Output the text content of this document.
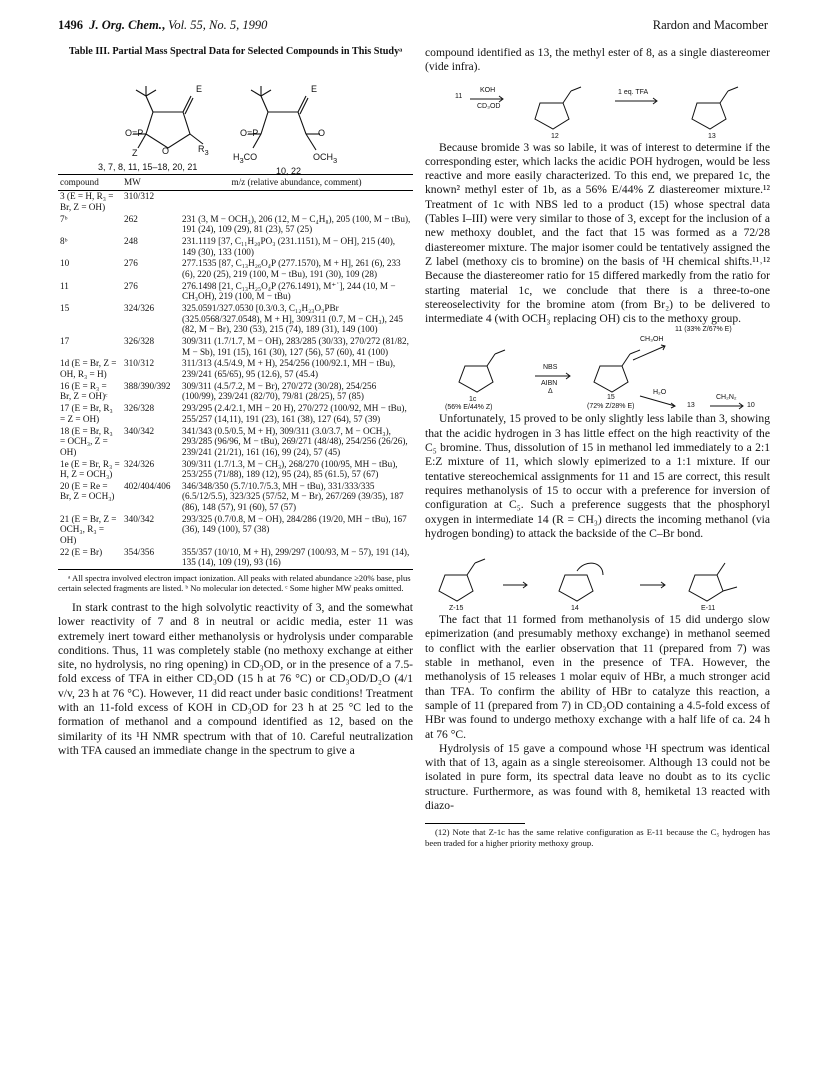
1496 J. Org. Chem., Vol. 55, No. 5, 1990	Rardon and Macomber
Table III. Partial Mass Spectral Data for Selected Compounds in This Studyᵃ
E
O=P
Z	O	$R_3$
E
O=P
$H_3CO$	$OCH_3$
O
3, 7, 8, 11, 15–18, 20, 21	10, 22
compound	MW	m/z (relative abundance, comment)
3 (E = H, R₃ = Br, Z = OH)	310/312	
7ᵇ	262	231 (3, M − OCH₃), 206 (12, M − C₄H₈), 205 (100, M − tBu), 191 (24), 109 (29), 81 (23), 57 (25)
8ᵇ	248	231.1119 [37, C₁₁H₂₀PO₃ (231.1151), M − OH], 215 (40), 149 (30), 133 (100)
10	276	277.1535 [87, C₁₃H₂₆O₄P (277.1570), M + H], 261 (6), 233 (6), 220 (25), 219 (100, M − tBu), 191 (30), 109 (28)
11	276	276.1498 [21, C₁₃H₂₅O₄P (276.1491), M⁺˙], 244 (10, M − CH₃OH), 219 (100, M − tBu)
15	324/326	325.0591/327.0530 [0.3/0.3, C₁₂H₂₃O₃PBr (325.0568/327.0548), M + H], 309/311 (0.7, M − CH₃), 245 (82, M − Br), 230 (53), 215 (74), 189 (31), 149 (100)
17	326/328	309/311 (1.7/1.7, M − OH), 283/285 (30/33), 270/272 (81/82, M − Sb), 191 (15), 161 (30), 127 (56), 57 (60), 41 (100)
1d (E = Br, Z = OH, R₃ = H)	310/312	311/313 (4.5/4.9, M + H), 254/256 (100/92.1, MH − tBu), 239/241 (65/65), 95 (12.6), 57 (45.4)
16 (E = R₃ = Br, Z = OH)ᶜ	388/390/392	309/311 (4.5/7.2, M − Br), 270/272 (30/28), 254/256 (100/99), 239/241 (82/70), 79/81 (28/25), 57 (85)
17 (E = Br, R₃ = Z = OH)	326/328	293/295 (2.4/2.1, MH − 20 H), 270/272 (100/92, MH − tBu), 255/257 (14,11), 191 (23), 161 (38), 127 (64), 57 (39)
18 (E = Br, R₃ = OCH₃, Z = OH)	340/342	341/343 (0.5/0.5, M + H), 309/311 (3.0/3.7, M − OCH₃), 293/285 (96/96, M − tBu), 269/271 (48/48), 254/256 (26/26), 239/241 (21/21), 161 (16), 99 (24), 57 (45)
1e (E = Br, R₃ = H, Z = OCH₃)	324/326	309/311 (1.7/1.3, M − CH₃), 268/270 (100/95, MH − tBu), 253/255 (71/88), 189 (12), 95 (24), 85 (61.5), 57 (67)
20 (E = Re = Br, Z = OCH₃)	402/404/406	346/348/350 (5.7/10.7/5.3, MH − tBu), 331/333/335 (6.5/12/5.5), 323/325 (57/52, M − Br), 267/269 (39/35), 187 (86), 148 (57), 91 (60), 57 (57)
21 (E = Br, Z = OCH₃, R₃ = OH)	340/342	293/325 (0.7/0.8, M − OH), 284/286 (19/20, MH − tBu), 167 (36), 149 (100), 57 (38)
22 (E = Br)	354/356	355/357 (10/10, M + H), 299/297 (100/93, M − 57), 191 (14), 135 (14), 109 (19), 93 (16)
ᵃ All spectra involved electron impact ionization. All peaks with related abundance ≥20% base, plus certain selected fragments are listed. ᵇ No molecular ion detected. ᶜ Some higher MW peaks omitted.

In stark contrast to the high solvolytic reactivity of 3, and the somewhat lower reactivity of 7 and 8 in neutral or acidic media, ester 11 was extremely inert toward either methanolysis or hydrolysis under comparable conditions. Thus, 11 was completely stable (no methoxy exchange at either site, no hydrolysis, no ring opening) in CD₃OD, or in the presence of a 7.5-fold excess of TFA in either CD₃OD (15 h at 76 °C) or CD₃OD/D₂O (4/1 v/v, 23 h at 76 °C). However, 11 did react under basic conditions! Treatment with an 11-fold excess of KOH in CD₃OD for 23 h at 25 °C led to the formation of methanol and a compound identified as 12, based on the similarity of its ¹H NMR spectrum with that of 10. Careful neutralization with TFA caused an immediate change in the spectrum to give a

compound identified as 13, the methyl ester of 8, as a single diastereomer (vide infra).

11
KOH
CD₃OD
12
1 eq. TFA
13

Because bromide 3 was so labile, it was of interest to determine if the corresponding ester, which lacks the acidic POH hydrogen, would be less reactive and more easily characterized. To this end, we prepared 1c, the known² methyl ester of 1b, as a 56% E/44% Z diastereomer mixture.¹² Treatment of 1c with NBS led to a product (15) whose spectral data (Tables I–III) were very similar to those of 3, except for the inclusion of a new methoxy doublet, and the fact that 15 was formed as a 72/28 diastereomer mixture. The major isomer could be tentatively assigned the Z label (methoxy cis to bromine) on the basis of ¹H chemical shifts.¹¹˒¹² Because the diastereomer ratio for 15 differed markedly from the ratio for starting material 1c, we conclude that there is a three-to-one stereoselectivity for the bromine atom (from Br₂) to be delivered to intermediate 4 (with OCH₃ replacing OH) cis to the methoxy group.

1c
(56% E/44% Z)
NBS
AIBN
Δ
15
(72% Z/28% E)
CH₃OH
11 (33% Z/67% E)
H₂O
13
CH₂N₂
10

Unfortunately, 15 proved to be only slightly less labile than 3, showing that the acidic hydrogen in 3 has little effect on the high reactivity of the C₅ bromine. Thus, dissolution of 15 in methanol led immediately to a 2:1 E:Z mixture of 11, which slowly epimerized to a 1:1 mixture. If our tentative stereochemical assignments for 11 and 15 are correct, this result requires methanolysis of 15 to occur with a preference for inversion of configuration at C₅. Such a preference suggests that the phosphoryl oxygen in intermediate 14 (R = CH₃) directs the incoming methanol (via hydrogen bonding) to attack the backside of the C–Br bond.

Z-15	14	E-11

The fact that 11 formed from methanolysis of 15 did undergo slow epimerization (and presumably methoxy exchange) in methanol seemed to conflict with the earlier observation that 11 (prepared from 7) was stable in methanol, even in the presence of TFA. However, the methanolysis of 15 releases 1 molar equiv of HBr, a much stronger acid than TFA. To confirm the ability of HBr to catalyze this reaction, a sample of 11 (prepared from 7) in CD₃OD containing a 4.5-fold excess of HBr was found to undergo methoxy exchange with a half life of ca. 24 h at 76 °C.

Hydrolysis of 15 gave a compound whose ¹H spectrum was identical with that of 13, again as a single stereoisomer. Although 13 could not be isolated in pure form, its spectral data leave no doubt as to its cyclic structure. Furthermore, as was found with 8, hemiketal 13 reacted with diazo-

(12) Note that Z-1c has the same relative configuration as E-11 because the C₅ hydrogen has been traded for a higher priority methoxy group.
